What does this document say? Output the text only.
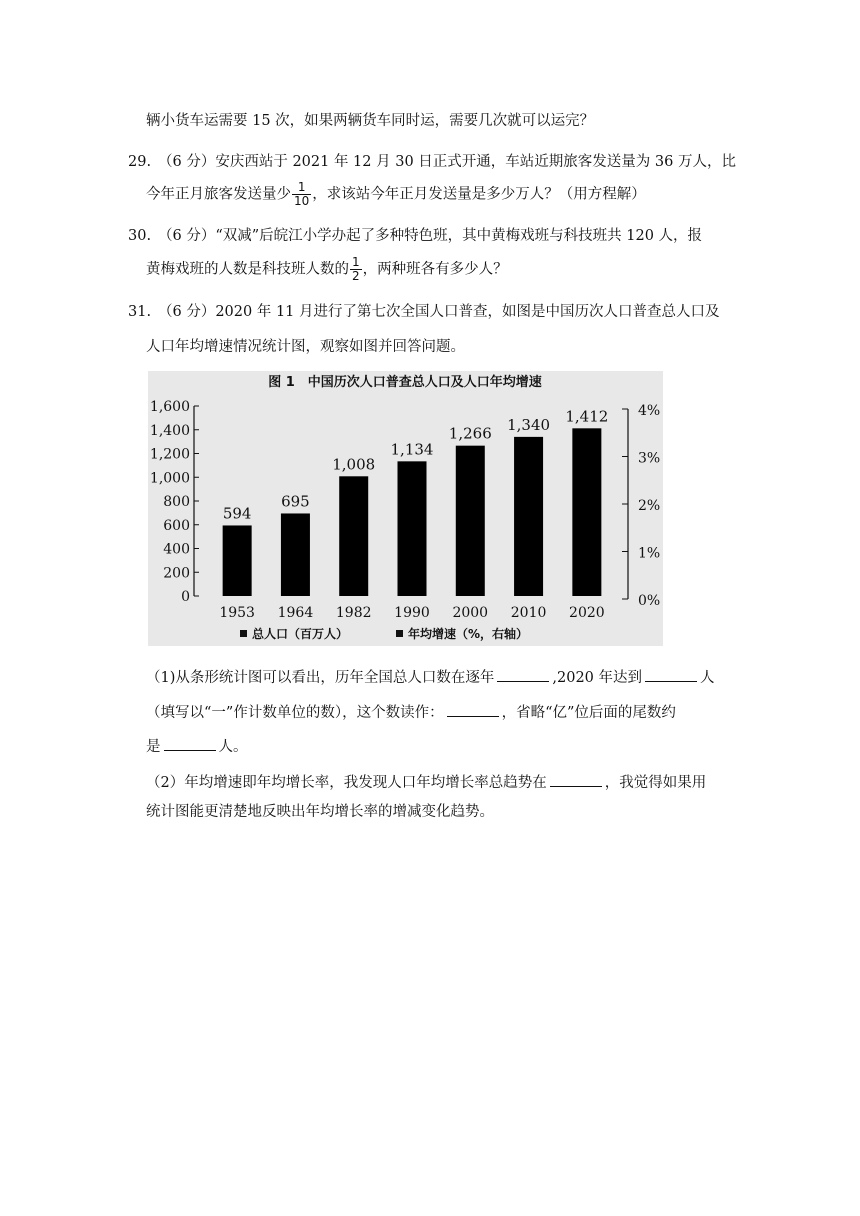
辆小货车运需要 15 次，如果两辆货车同时运，需要几次就可以运完？
29. （6 分）安庆西站于 2021 年 12 月 30 日正式开通，车站近期旅客发送量为 36 万人，比
今年正月旅客发送量少 $\frac{1}{10}$ ，求该站今年正月发送量是多少万人？（用方程解）
30. （6 分）“双减”后皖江小学办起了多种特色班，其中黄梅戏班与科技班共 120 人，报
黄梅戏班的人数是科技班人数的 $\frac{1}{2}$ ，两种班各有多少人？
31. （6 分）2020 年 11 月进行了第七次全国人口普查，如图是中国历次人口普查总人口及
人口年均增速情况统计图，观察如图并回答问题。
图 1　中国历次人口普查总人口及人口年均增速
0
200
400
600
800
1,000
1,200
1,400
1,600
0%
1%
2%
3%
4%
594
1953
695
1964
1,008
1982
1,134
1990
1,266
2000
1,340
2010
1,412
2020
总人口（百万人）	年均增速（%，右轴）
（1)从条形统计图可以看出，历年全国总人口数在逐年	,2020 年达到	人
（填写以“一”作计数单位的数），这个数读作：	，省略“亿”位后面的尾数约
是	人。
（2）年均增速即年均增长率，我发现人口年均增长率总趋势在	，我觉得如果用
统计图能更清楚地反映出年均增长率的增减变化趋势。
